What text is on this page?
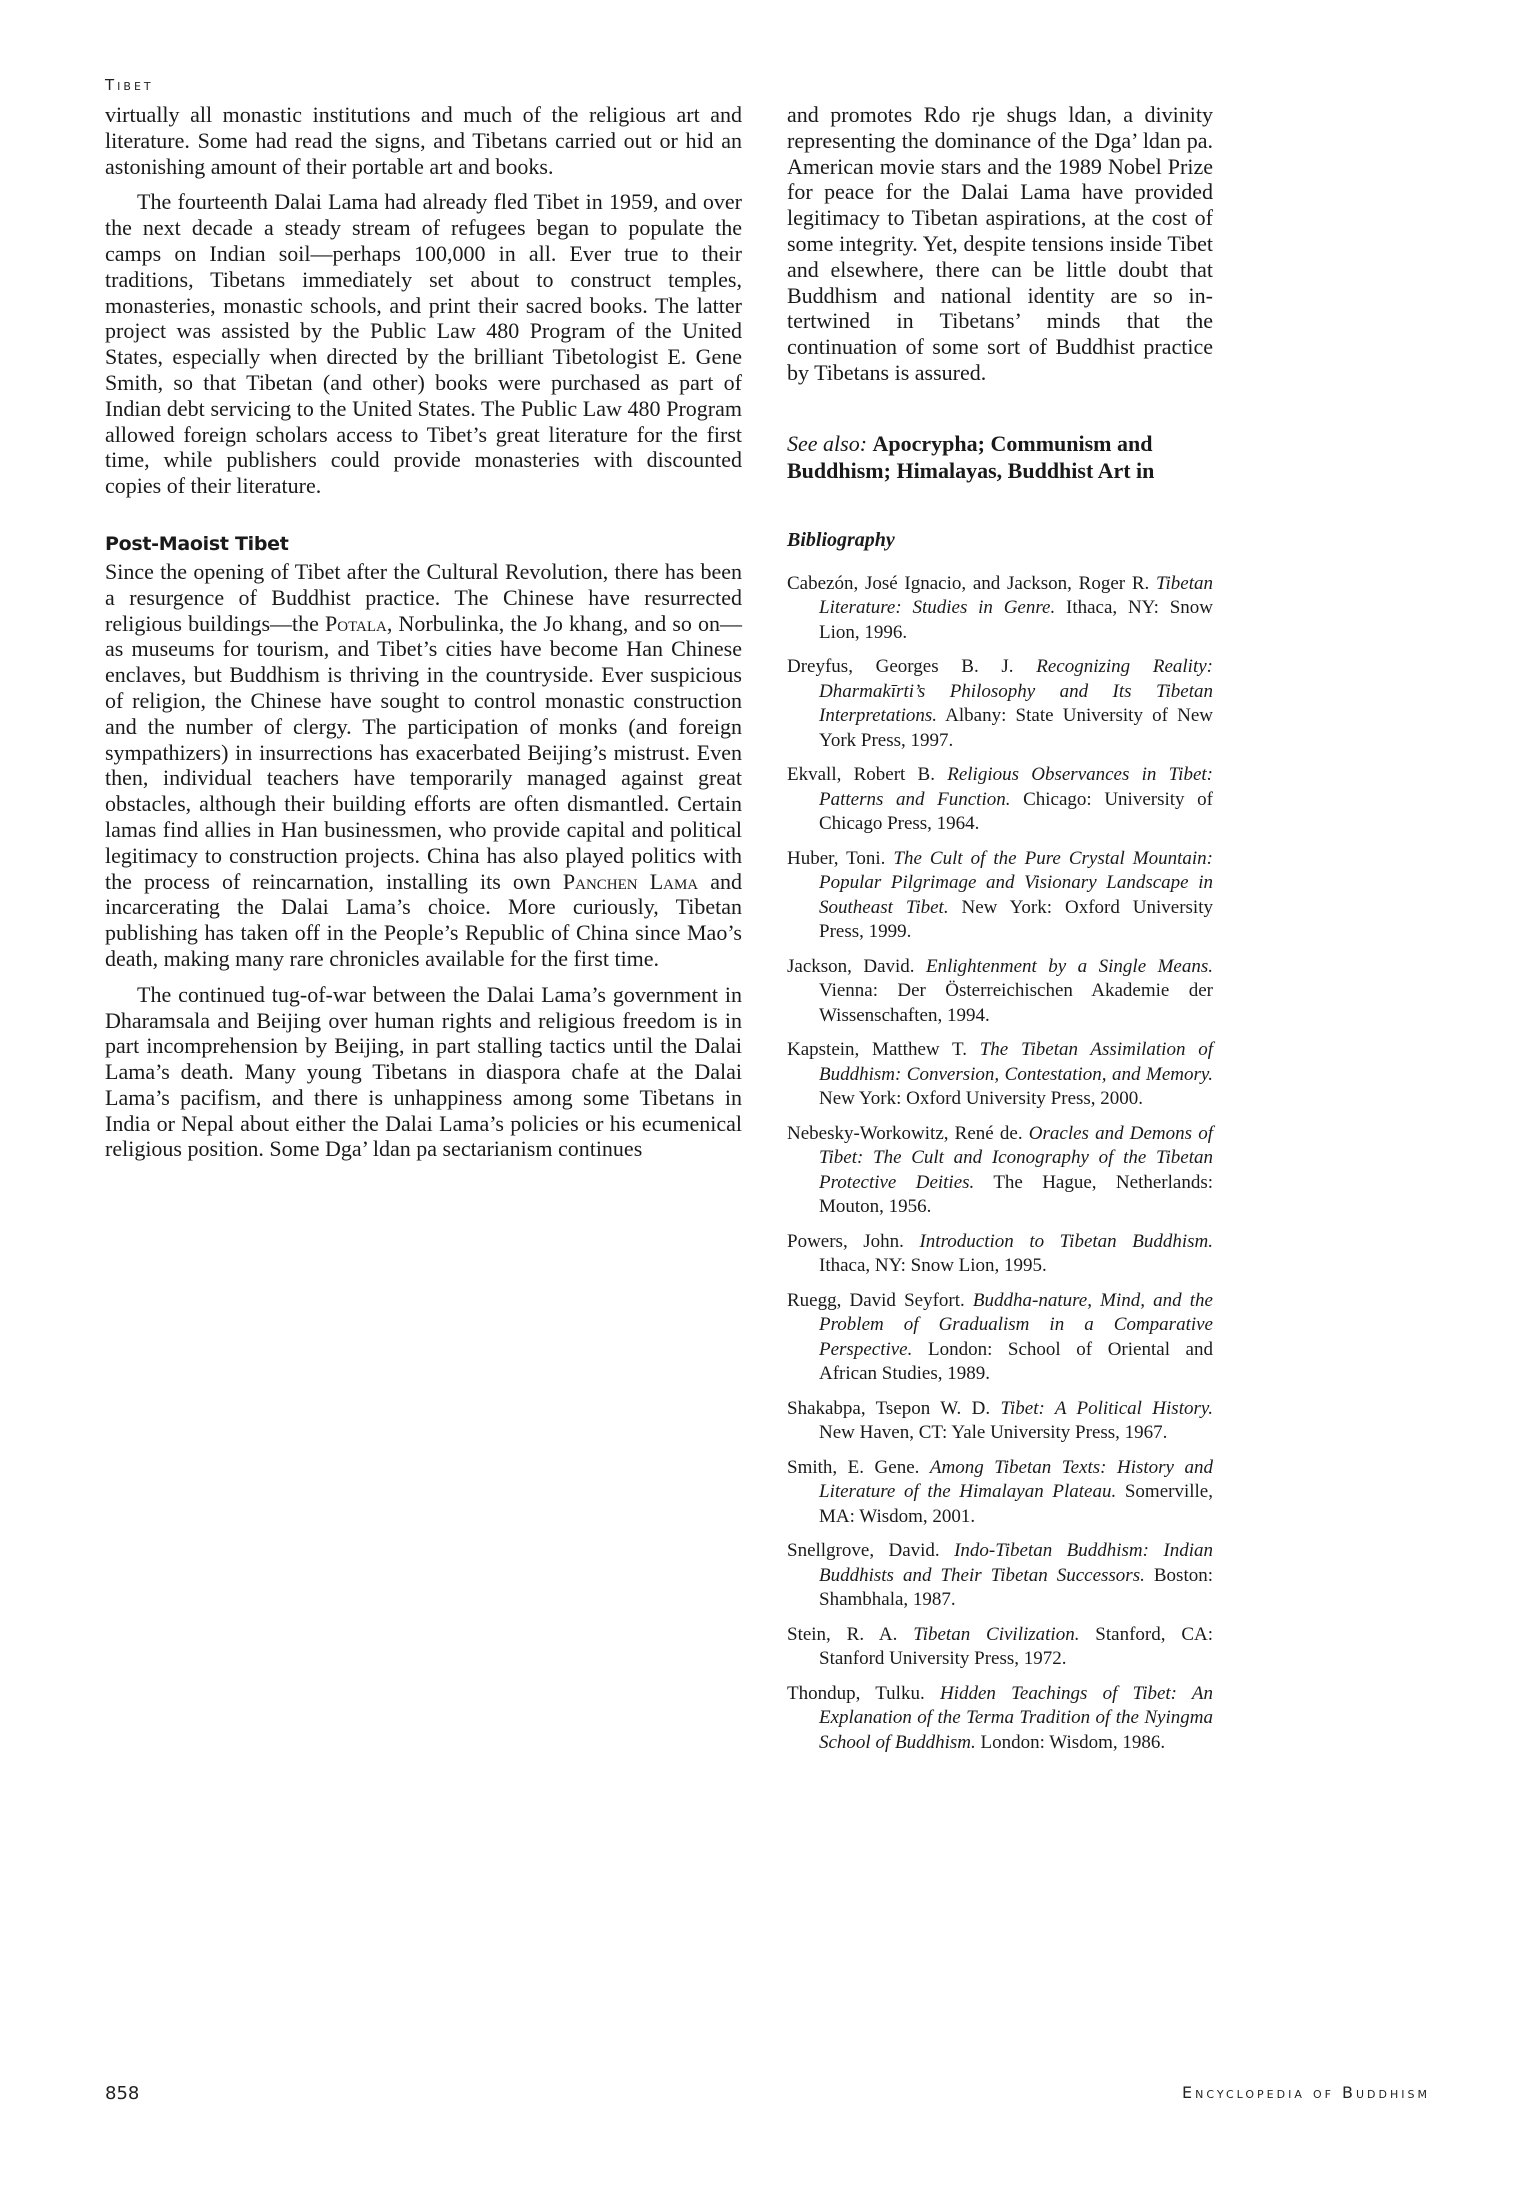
Tibet

virtually all monastic institutions and much of the religious art and literature. Some had read the signs, and Tibetans carried out or hid an astonishing amount of their portable art and books.

The fourteenth Dalai Lama had already fled Tibet in 1959, and over the next decade a steady stream of refugees began to populate the camps on Indian soil—perhaps 100,000 in all. Ever true to their traditions, Tibetans immediately set about to construct temples, monasteries, monastic schools, and print their sacred books. The latter project was assisted by the Public Law 480 Program of the United States, especially when directed by the brilliant Tibetologist E. Gene Smith, so that Tibetan (and other) books were purchased as part of Indian debt servicing to the United States. The Public Law 480 Program allowed foreign scholars access to Tibet’s great literature for the first time, while publishers could provide monasteries with discounted copies of their literature.

Post-Maoist Tibet

Since the opening of Tibet after the Cultural Revolution, there has been a resurgence of Buddhist practice. The Chinese have resurrected religious buildings—the Potala, Norbulinka, the Jo khang, and so on—as museums for tourism, and Tibet’s cities have become Han Chinese enclaves, but Buddhism is thriving in the countryside. Ever suspicious of religion, the Chinese have sought to control monastic construction and the number of clergy. The participation of monks (and foreign sympathizers) in insurrections has exacerbated Beijing’s mistrust. Even then, individual teachers have temporarily managed against great obstacles, although their building efforts are often dismantled. Certain lamas find allies in Han businessmen, who provide capital and political legitimacy to construction projects. China has also played politics with the process of reincarnation, installing its own Panchen Lama and incarcerating the Dalai Lama’s choice. More curiously, Tibetan publishing has taken off in the People’s Republic of China since Mao’s death, making many rare chronicles available for the first time.

The continued tug-of-war between the Dalai Lama’s government in Dharamsala and Beijing over human rights and religious freedom is in part incomprehension by Beijing, in part stalling tactics until the Dalai Lama’s death. Many young Tibetans in diaspora chafe at the Dalai Lama’s pacifism, and there is unhappiness among some Tibetans in India or Nepal about either the Dalai Lama’s policies or his ecumenical religious position. Some Dga’ ldan pa sectarianism continues

and promotes Rdo rje shugs ldan, a divinity representing the dominance of the Dga’ ldan pa. American movie stars and the 1989 Nobel Prize for peace for the Dalai Lama have provided legitimacy to Tibetan aspirations, at the cost of some integrity. Yet, despite tensions inside Tibet and elsewhere, there can be little doubt that Buddhism and national identity are so intertwined in Tibetans’ minds that the continuation of some sort of Buddhist practice by Tibetans is assured.

See also: Apocrypha; Communism and Buddhism; Himalayas, Buddhist Art in
Bibliography

Cabezón, José Ignacio, and Jackson, Roger R. Tibetan Literature: Studies in Genre. Ithaca, NY: Snow Lion, 1996.

Dreyfus, Georges B. J. Recognizing Reality: Dharmakīrti’s Philosophy and Its Tibetan Interpretations. Albany: State University of New York Press, 1997.

Ekvall, Robert B. Religious Observances in Tibet: Patterns and Function. Chicago: University of Chicago Press, 1964.

Huber, Toni. The Cult of the Pure Crystal Mountain: Popular Pilgrimage and Visionary Landscape in Southeast Tibet. New York: Oxford University Press, 1999.

Jackson, David. Enlightenment by a Single Means. Vienna: Der Österreichischen Akademie der Wissenschaften, 1994.

Kapstein, Matthew T. The Tibetan Assimilation of Buddhism: Conversion, Contestation, and Memory. New York: Oxford University Press, 2000.

Nebesky-Workowitz, René de. Oracles and Demons of Tibet: The Cult and Iconography of the Tibetan Protective Deities. The Hague, Netherlands: Mouton, 1956.

Powers, John. Introduction to Tibetan Buddhism. Ithaca, NY: Snow Lion, 1995.

Ruegg, David Seyfort. Buddha-nature, Mind, and the Problem of Gradualism in a Comparative Perspective. London: School of Oriental and African Studies, 1989.

Shakabpa, Tsepon W. D. Tibet: A Political History. New Haven, CT: Yale University Press, 1967.

Smith, E. Gene. Among Tibetan Texts: History and Literature of the Himalayan Plateau. Somerville, MA: Wisdom, 2001.

Snellgrove, David. Indo-Tibetan Buddhism: Indian Buddhists and Their Tibetan Successors. Boston: Shambhala, 1987.

Stein, R. A. Tibetan Civilization. Stanford, CA: Stanford University Press, 1972.

Thondup, Tulku. Hidden Teachings of Tibet: An Explanation of the Terma Tradition of the Nyingma School of Buddhism. London: Wisdom, 1986.

858	Encyclopedia of Buddhism
